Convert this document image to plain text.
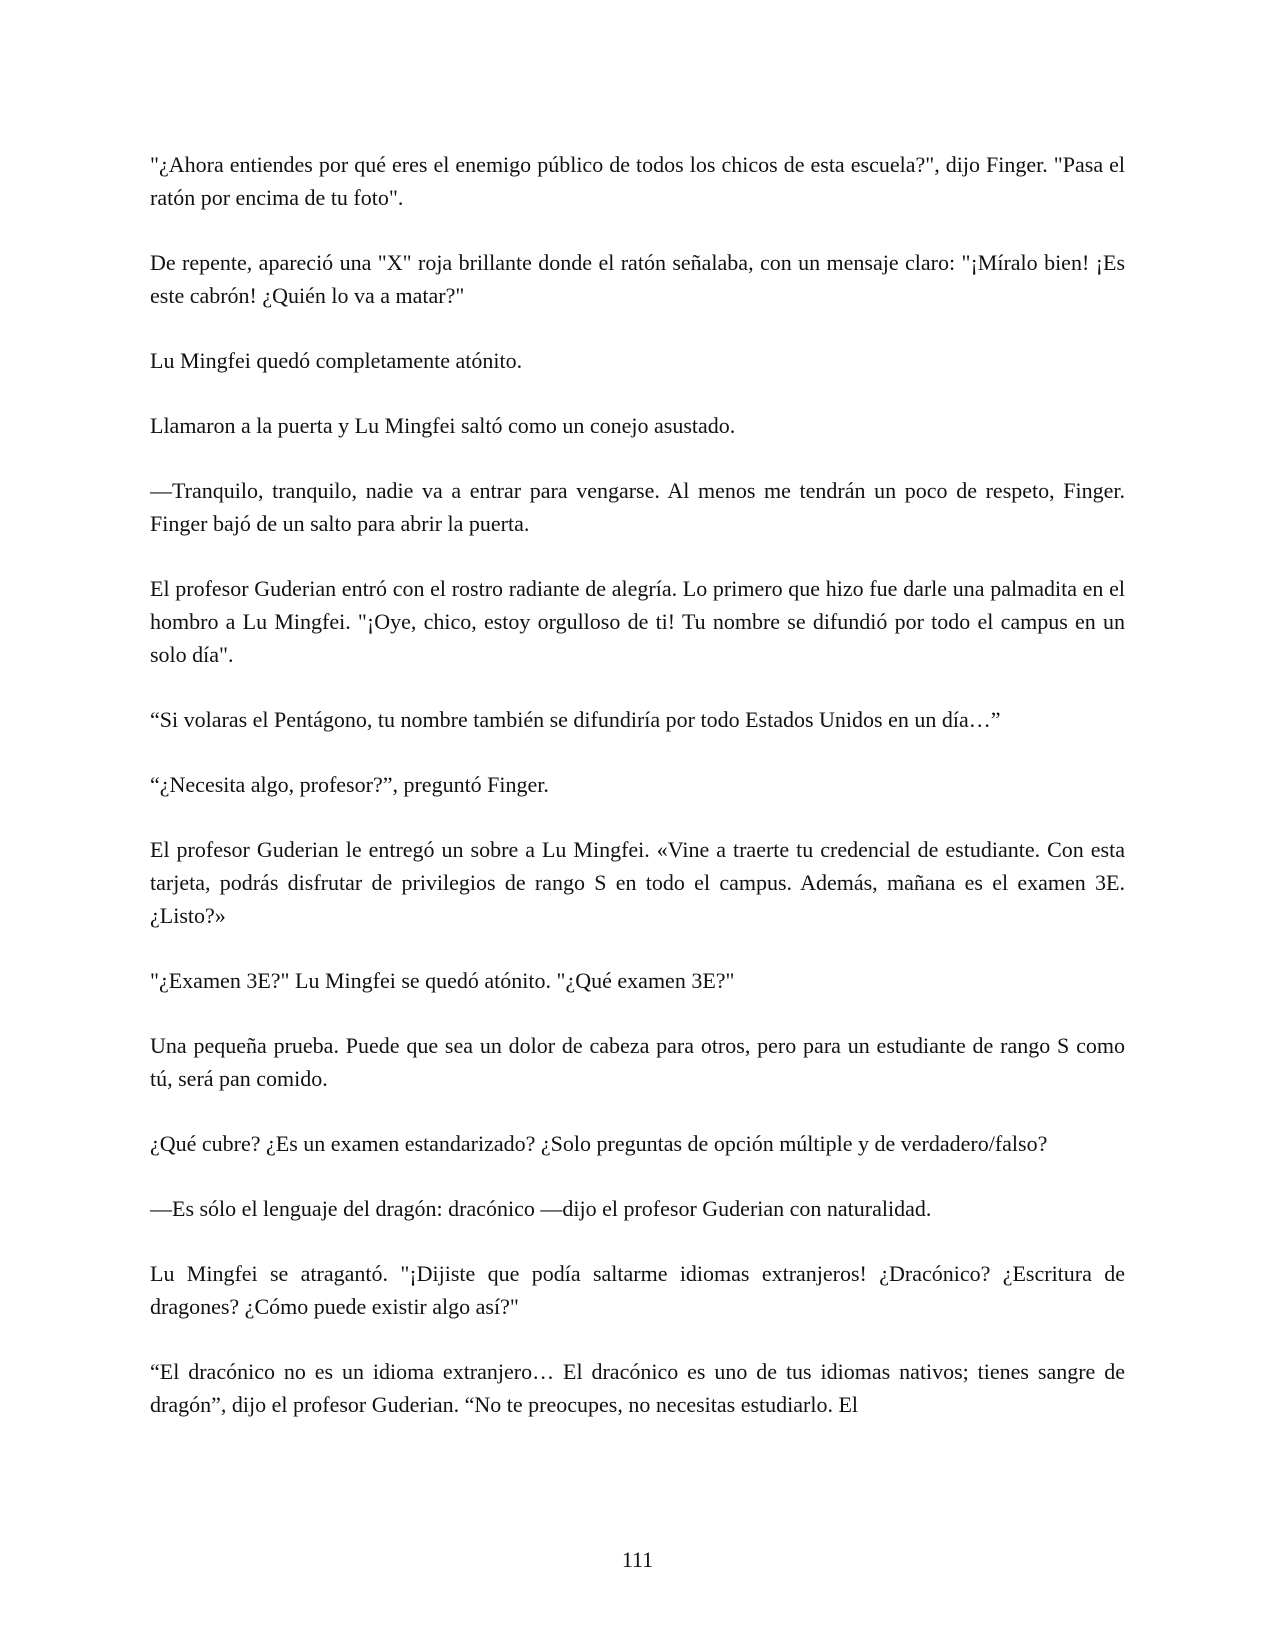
"¿Ahora entiendes por qué eres el enemigo público de todos los chicos de esta escuela?", dijo Finger. "Pasa el ratón por encima de tu foto".

De repente, apareció una "X" roja brillante donde el ratón señalaba, con un mensaje claro: "¡Míralo bien! ¡Es este cabrón! ¿Quién lo va a matar?"

Lu Mingfei quedó completamente atónito.

Llamaron a la puerta y Lu Mingfei saltó como un conejo asustado.

—Tranquilo, tranquilo, nadie va a entrar para vengarse. Al menos me tendrán un poco de respeto, Finger. Finger bajó de un salto para abrir la puerta.

El profesor Guderian entró con el rostro radiante de alegría. Lo primero que hizo fue darle una palmadita en el hombro a Lu Mingfei. "¡Oye, chico, estoy orgulloso de ti! Tu nombre se difundió por todo el campus en un solo día".

“Si volaras el Pentágono, tu nombre también se difundiría por todo Estados Unidos en un día…”

“¿Necesita algo, profesor?”, preguntó Finger.

El profesor Guderian le entregó un sobre a Lu Mingfei. «Vine a traerte tu credencial de estudiante. Con esta tarjeta, podrás disfrutar de privilegios de rango S en todo el campus. Además, mañana es el examen 3E. ¿Listo?»

"¿Examen 3E?" Lu Mingfei se quedó atónito. "¿Qué examen 3E?"

Una pequeña prueba. Puede que sea un dolor de cabeza para otros, pero para un estudiante de rango S como tú, será pan comido.

¿Qué cubre? ¿Es un examen estandarizado? ¿Solo preguntas de opción múltiple y de verdadero/falso?

—Es sólo el lenguaje del dragón: dracónico —dijo el profesor Guderian con naturalidad.

Lu Mingfei se atragantó. "¡Dijiste que podía saltarme idiomas extranjeros! ¿Dracónico? ¿Escritura de dragones? ¿Cómo puede existir algo así?"

“El dracónico no es un idioma extranjero… El dracónico es uno de tus idiomas nativos; tienes sangre de dragón”, dijo el profesor Guderian. “No te preocupes, no necesitas estudiarlo. El

111
